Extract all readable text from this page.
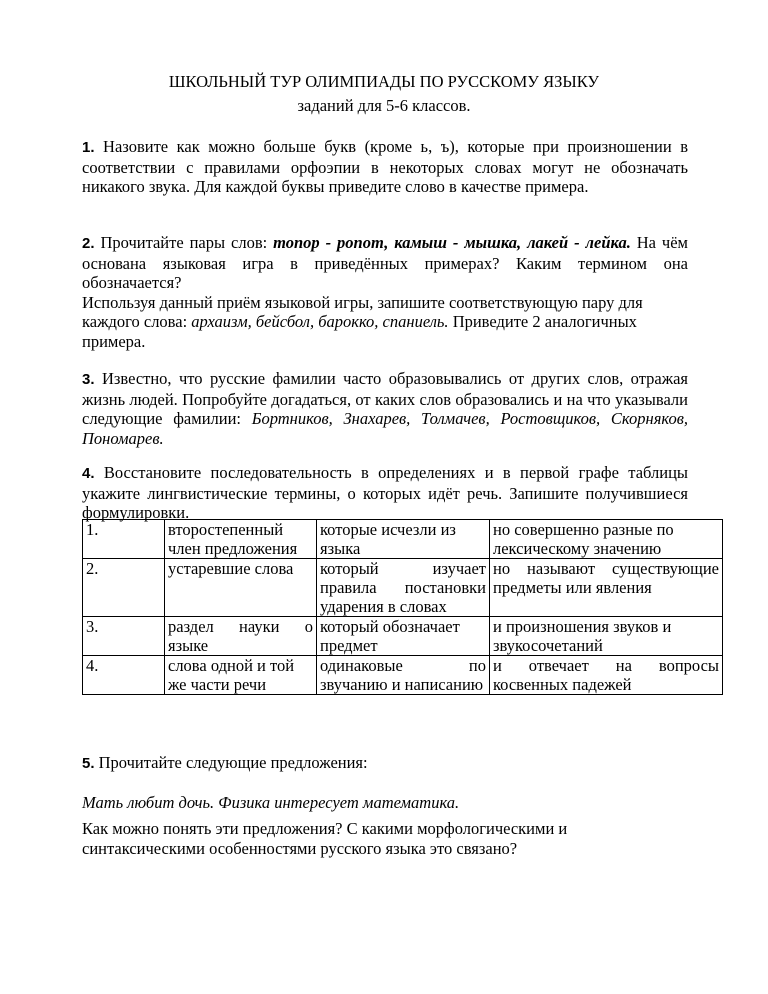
ШКОЛЬНЫЙ ТУР ОЛИМПИАДЫ ПО РУССКОМУ ЯЗЫКУ
заданий для 5-6 классов.
1. Назовите как можно больше букв (кроме ь, ъ), которые при произношении в соответствии с правилами орфоэпии в некоторых словах могут не обозначать никакого звука. Для каждой буквы приведите слово в качестве примера.
2. Прочитайте пары слов: топор - ропот, камыш - мышка, лакей - лейка. На чём основана языковая игра в приведённых примерах? Каким термином она обозначается?
Используя данный приём языковой игры, запишите соответствующую пару для каждого слова: архаизм, бейсбол, барокко, спаниель. Приведите 2 аналогичных примера.
3. Известно, что русские фамилии часто образовывались от других слов, отражая жизнь людей. Попробуйте догадаться, от каких слов образовались и на что указывали следующие фамилии: Бортников, Знахарев, Толмачев, Ростовщиков, Скорняков, Пономарев.
4. Восстановите последовательность в определениях и в первой графе таблицы укажите лингвистические термины, о которых идёт речь. Запишите получившиеся формулировки.
1.	второстепенный член предложения	которые исчезли из языка	но совершенно разные по лексическому значению
2.	устаревшие слова	который изучает правила постановки ударения в словах	но называют существующие предметы или явления
3.	раздел науки о языке	который обозначает предмет	и произношения звуков и звукосочетаний
4.	слова одной и той же части речи	одинаковые по звучанию и написанию	и отвечает на вопросы косвенных падежей
5. Прочитайте следующие предложения:
Мать любит дочь. Физика интересует математика.
Как можно понять эти предложения? С какими морфологическими и синтаксическими особенностями русского языка это связано?
